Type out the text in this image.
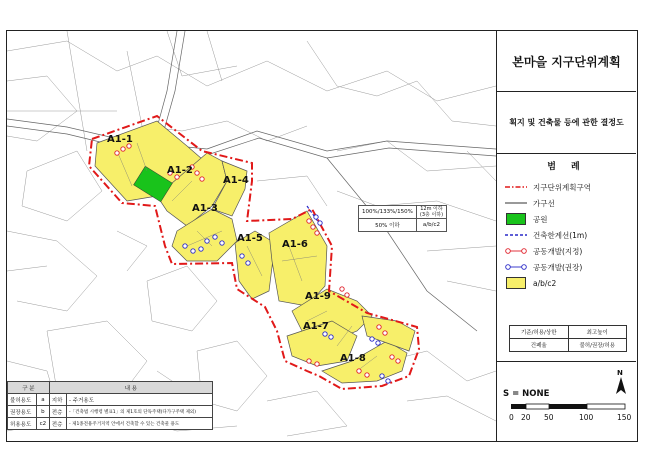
A1-1
A1-2
A1-3
A1-4
A1-5
A1-6
A1-9
A1-7
A1-8
100%/133%/150%	12m 이하
(3층 이하)
50% 이하	a/b/c2
구 분		내 용	
불허용도	a	지하	- 주거용도
권장용도	b	전층	-「건축법 시행령 별표1」의 제1호의 단독주택(다가구주택 제외)
허용용도	c2	전층	- 제1종전용주거지역 안에서 건축할 수 있는 건축물 용도
본마을 지구단위계획
획지 및 건축물 등에 관한 결정도
범 례
지구단위계획구역
가구선
공원
건축한계선(1m)
공동개발(지정)
공동개발(권장)
a/b/c2
기준/허용/상한	최고높이
건폐율	불허/권장/허용
N
S = NONE
0 20 50	100	150
